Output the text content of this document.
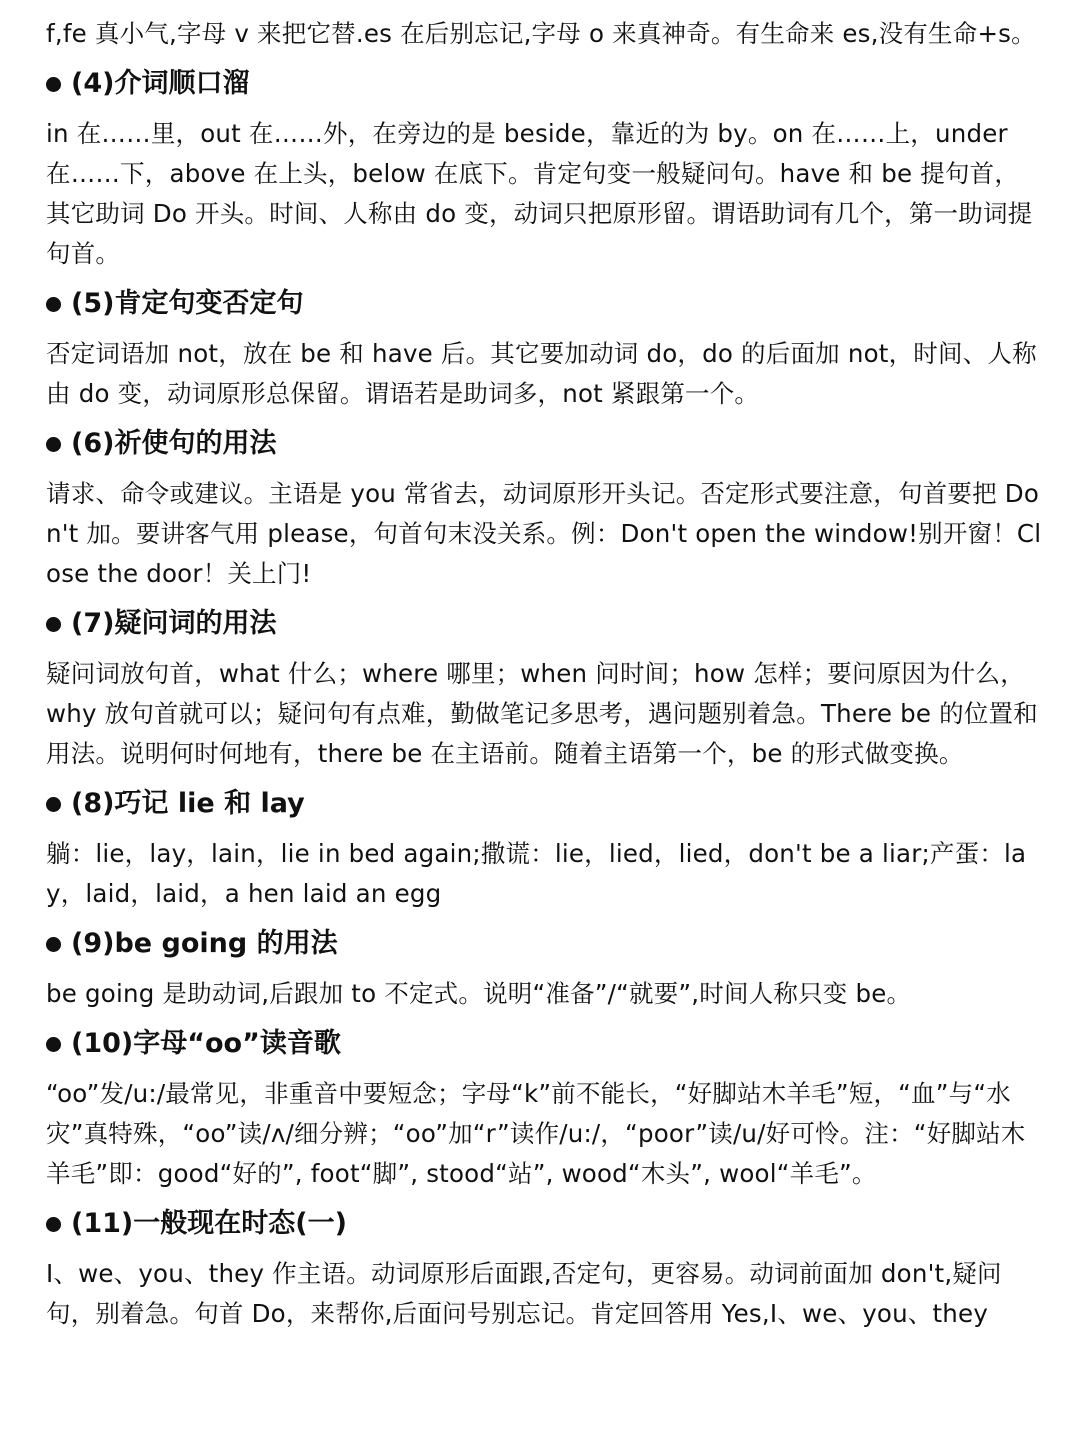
f,fe 真小气,字母 v 来把它替.es 在后别忘记,字母 o 来真神奇。有生命来 es,没有生命+s。

(4)介词顺口溜

in 在……里，out 在……外，在旁边的是 beside，靠近的为 by。on 在……上，under 在……下，above 在上头，below 在底下。肯定句变一般疑问句。have 和 be 提句首，其它助词 Do 开头。时间、人称由 do 变，动词只把原形留。谓语助词有几个，第一助词提句首。

(5)肯定句变否定句

否定词语加 not，放在 be 和 have 后。其它要加动词 do，do 的后面加 not，时间、人称由 do 变，动词原形总保留。谓语若是助词多，not 紧跟第一个。

(6)祈使句的用法

请求、命令或建议。主语是 you 常省去，动词原形开头记。否定形式要注意，句首要把 Don't 加。要讲客气用 please，句首句末没关系。例：Don't open the window!别开窗！Close the door！关上门!

(7)疑问词的用法

疑问词放句首，what 什么；where 哪里；when 问时间；how 怎样；要问原因为什么，why 放句首就可以；疑问句有点难，勤做笔记多思考，遇问题别着急。There be 的位置和用法。说明何时何地有，there be 在主语前。随着主语第一个，be 的形式做变换。

(8)巧记 lie 和 lay

躺：lie，lay，lain，lie in bed again;撒谎：lie，lied，lied，don't be a liar;产蛋：lay，laid，laid，a hen laid an egg

(9)be going 的用法

be going 是助动词,后跟加 to 不定式。说明“准备”/“就要”,时间人称只变 be。

(10)字母“oo”读音歌

“oo”发/u:/最常见，非重音中要短念；字母“k”前不能长，“好脚站木羊毛”短，“血”与“水灾”真特殊，“oo”读/ʌ/细分辨；“oo”加“r”读作/u:/，“poor”读/u/好可怜。注：“好脚站木羊毛”即：good“好的”, foot“脚”, stood“站”, wood“木头”, wool“羊毛”。

(11)一般现在时态(一)

I、we、you、they 作主语。动词原形后面跟,否定句，更容易。动词前面加 don't,疑问句，别着急。句首 Do，来帮你,后面问号别忘记。肯定回答用 Yes,I、we、you、they
